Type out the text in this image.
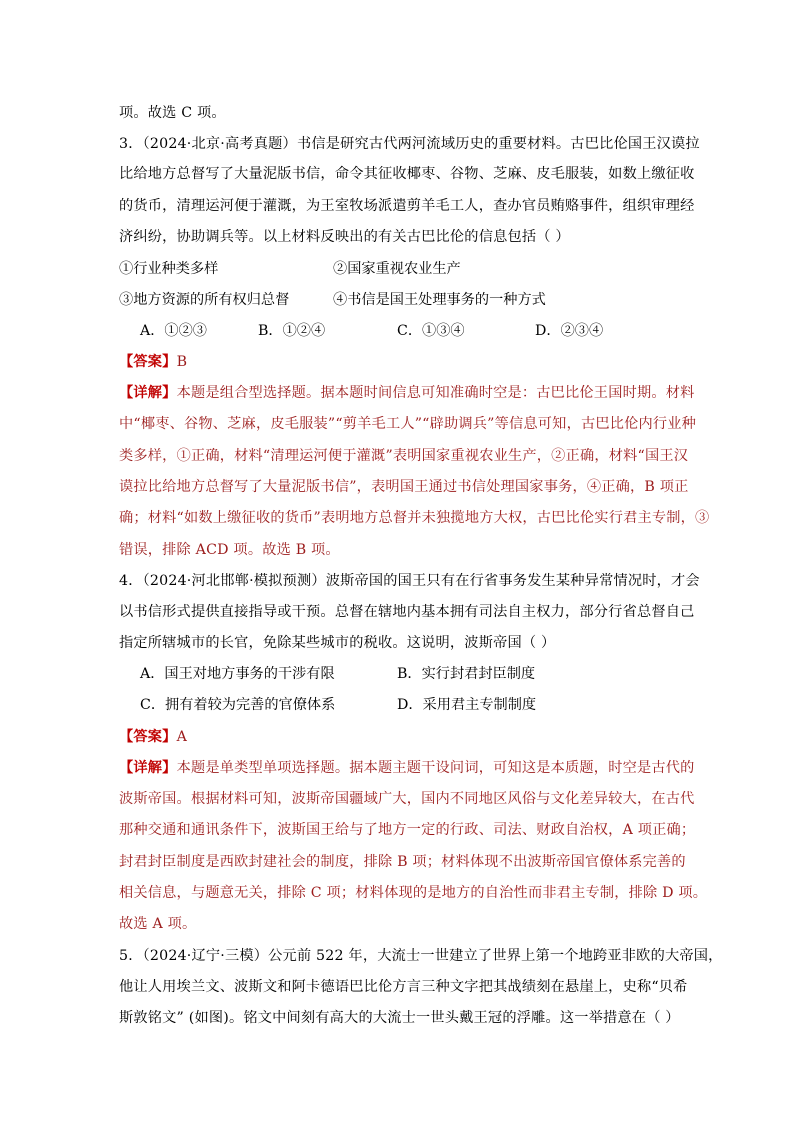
项。故选 C 项。
3．（2024·北京·高考真题）书信是研究古代两河流域历史的重要材料。古巴比伦国王汉谟拉
比给地方总督写了大量泥版书信，命令其征收椰枣、谷物、芝麻、皮毛服装，如数上缴征收
的货币，清理运河便于灌溉，为王室牧场派遣剪羊毛工人，查办官员贿赂事件，组织审理经
济纠纷，协助调兵等。以上材料反映出的有关古巴比伦的信息包括（ ）
①行业种类多样	②国家重视农业生产
③地方资源的所有权归总督	④书信是国王处理事务的一种方式
A．①②③	B．①②④	C．①③④	D．②③④
【答案】B
【详解】本题是组合型选择题。据本题时间信息可知准确时空是：古巴比伦王国时期。材料
中“椰枣、谷物、芝麻，皮毛服装”“剪羊毛工人”“辟助调兵”等信息可知，古巴比伦内行业种
类多样，①正确，材料“清理运河便于灌溉”表明国家重视农业生产，②正确，材料“国王汉
谟拉比给地方总督写了大量泥版书信”，表明国王通过书信处理国家事务，④正确，B 项正
确；材料“如数上缴征收的货币”表明地方总督并未独揽地方大权，古巴比伦实行君主专制，③
错误，排除 ACD 项。故选 B 项。
4．（2024·河北邯郸·模拟预测）波斯帝国的国王只有在行省事务发生某种异常情况时，才会
以书信形式提供直接指导或干预。总督在辖地内基本拥有司法自主权力，部分行省总督自己
指定所辖城市的长官，免除某些城市的税收。这说明，波斯帝国（ ）
A．国王对地方事务的干涉有限	B．实行封君封臣制度
C．拥有着较为完善的官僚体系	D．采用君主专制制度
【答案】A
【详解】本题是单类型单项选择题。据本题主题干设问词，可知这是本质题，时空是古代的
波斯帝国。根据材料可知，波斯帝国疆域广大，国内不同地区风俗与文化差异较大，在古代
那种交通和通讯条件下，波斯国王给与了地方一定的行政、司法、财政自治权，A 项正确；
封君封臣制度是西欧封建社会的制度，排除 B 项；材料体现不出波斯帝国官僚体系完善的
相关信息，与题意无关，排除 C 项；材料体现的是地方的自治性而非君主专制，排除 D 项。
故选 A 项。
5．（2024·辽宁·三模）公元前 522 年，大流士一世建立了世界上第一个地跨亚非欧的大帝国，
他让人用埃兰文、波斯文和阿卡德语巴比伦方言三种文字把其战绩刻在悬崖上，史称“贝希
斯敦铭文” (如图)。铭文中间刻有高大的大流士一世头戴王冠的浮雕。这一举措意在（ ）
